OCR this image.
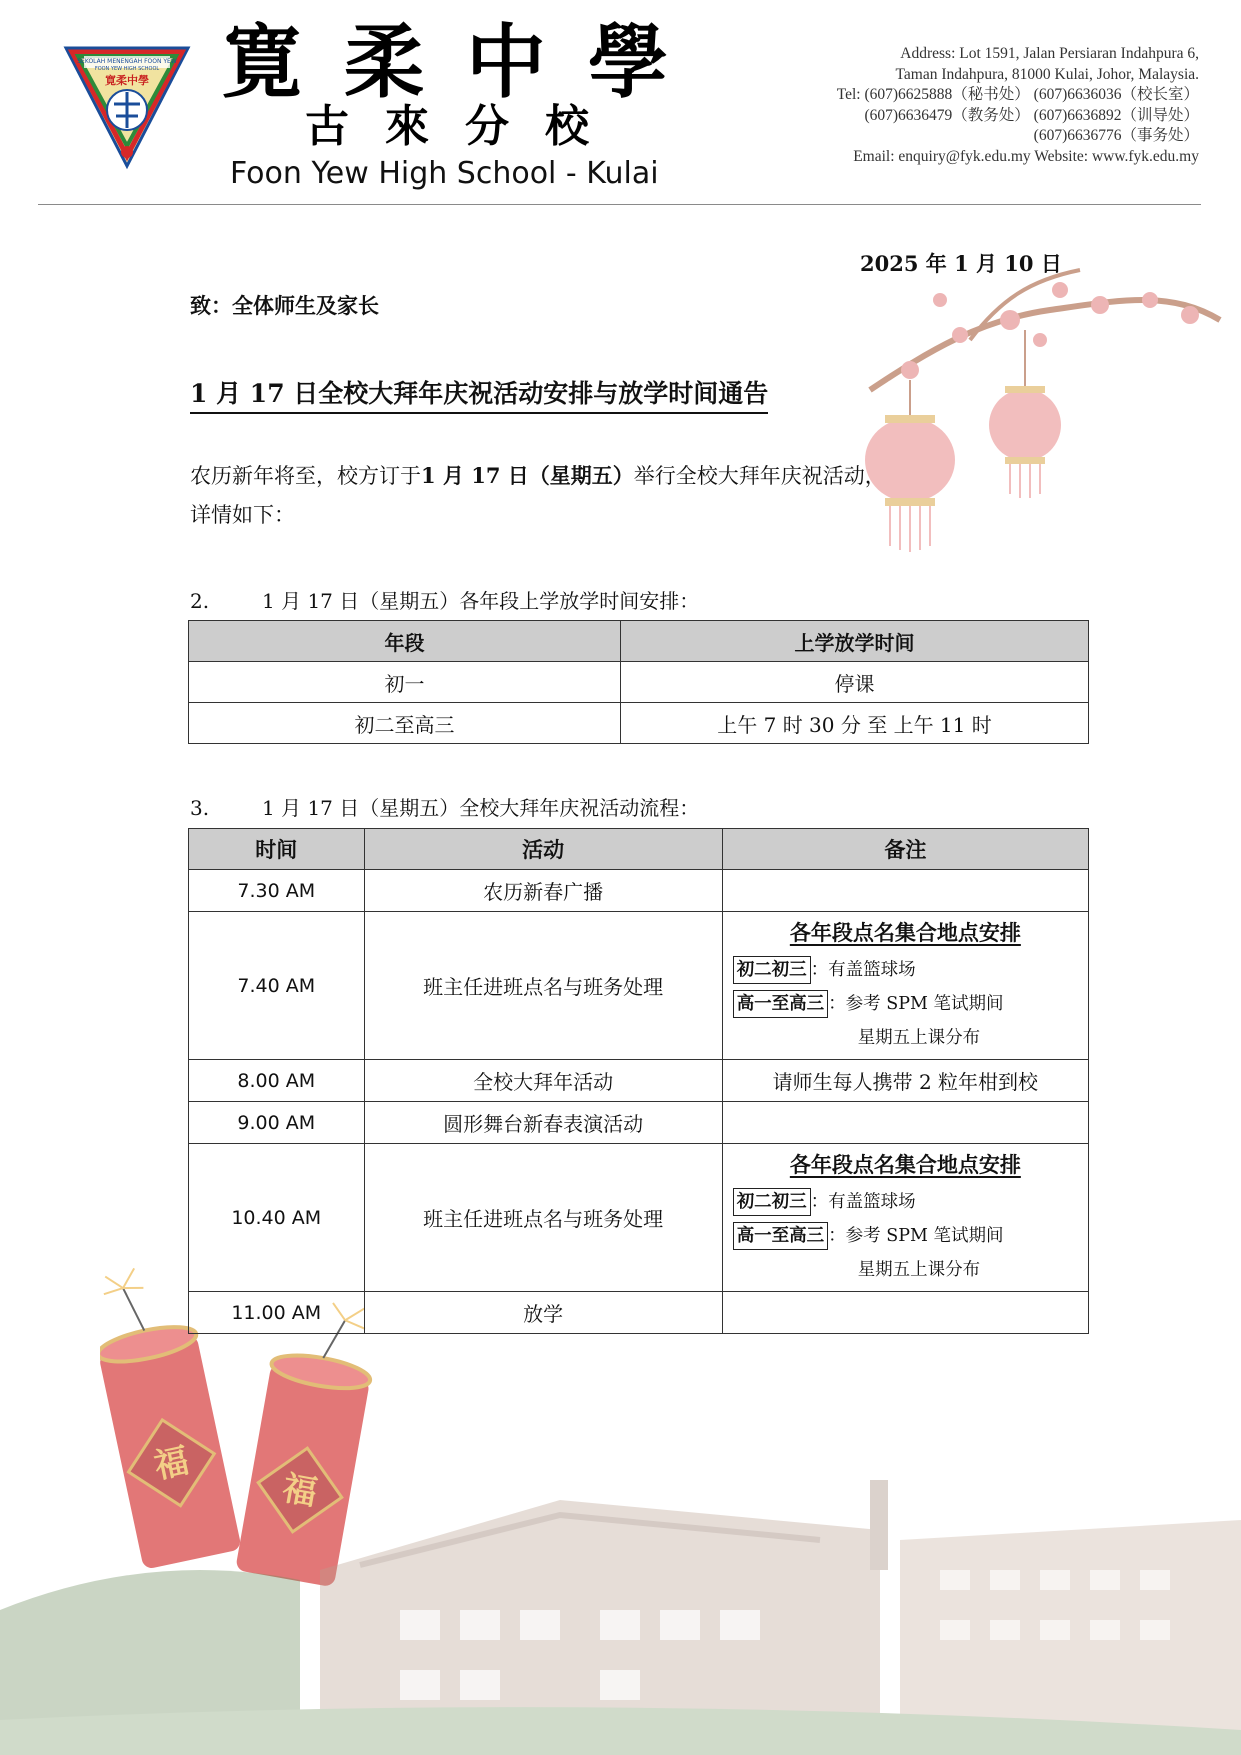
SEKOLAH MENENGAH FOON YEW
FOON YEW HIGH SCHOOL
寛柔中學 寛柔中學
古來分校
Foon Yew High School - Kulai
Address: Lot 1591, Jalan Persiaran Indahpura 6,
Taman Indahpura, 81000 Kulai, Johor, Malaysia.
Tel: (607)6625888（秘书处） (607)6636036（校长室）
(607)6636479（教务处） (607)6636892（训导处）
(607)6636776（事务处）
Email: enquiry@fyk.edu.my Website: www.fyk.edu.my
福
福
2025 年 1 月 10 日
致：全体师生及家长
1 月 17 日全校大拜年庆祝活动安排与放学时间通告
农历新年将至，校方订于1 月 17 日（星期五）举行全校大拜年庆祝活动，
详情如下：
2.	1 月 17 日（星期五）各年段上学放学时间安排：
年段	上学放学时间
初一	停课
初二至高三	上午 7 时 30 分 至 上午 11 时
3.	1 月 17 日（星期五）全校大拜年庆祝活动流程：
时间	活动	备注
7.30 AM	农历新春广播	
7.40 AM	班主任进班点名与班务处理	各年段点名集合地点安排
初二初三 ：有盖篮球场
高一至高三 ：参考 SPM 笔试期间
星期五上课分布

8.00 AM	全校大拜年活动	请师生每人携带 2 粒年柑到校
9.00 AM	圆形舞台新春表演活动	
10.40 AM	班主任进班点名与班务处理	各年段点名集合地点安排
初二初三 ：有盖篮球场
高一至高三 ：参考 SPM 笔试期间
星期五上课分布

11.00 AM	放学	
